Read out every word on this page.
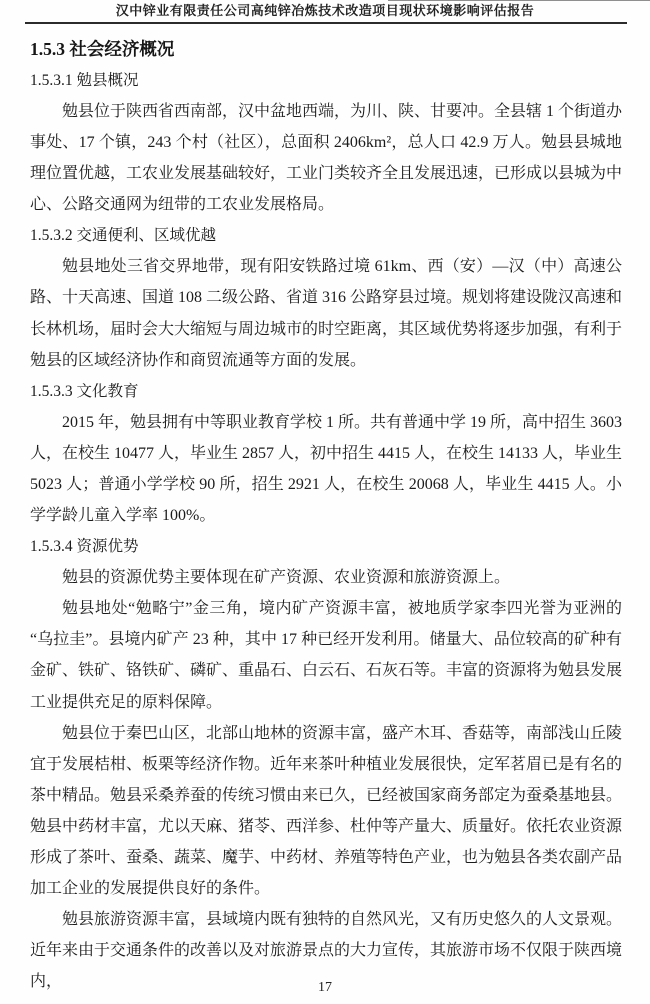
汉中锌业有限责任公司高纯锌冶炼技术改造项目现状环境影响评估报告
1.5.3 社会经济概况
1.5.3.1 勉县概况

勉县位于陕西省西南部，汉中盆地西端，为川、陕、甘要冲。全县辖 1 个街道办事处、17 个镇，243 个村（社区），总面积 2406km²，总人口 42.9 万人。勉县县城地理位置优越，工农业发展基础较好，工业门类较齐全且发展迅速，已形成以县城为中心、公路交通网为纽带的工农业发展格局。

1.5.3.2 交通便利、区域优越

勉县地处三省交界地带，现有阳安铁路过境 61km、西（安）—汉（中）高速公路、十天高速、国道 108 二级公路、省道 316 公路穿县过境。规划将建设陇汉高速和长林机场，届时会大大缩短与周边城市的时空距离，其区域优势将逐步加强，有利于勉县的区域经济协作和商贸流通等方面的发展。

1.5.3.3 文化教育

2015 年，勉县拥有中等职业教育学校 1 所。共有普通中学 19 所，高中招生 3603 人，在校生 10477 人，毕业生 2857 人，初中招生 4415 人，在校生 14133 人，毕业生 5023 人；普通小学学校 90 所，招生 2921 人，在校生 20068 人，毕业生 4415 人。小学学龄儿童入学率 100%。

1.5.3.4 资源优势

勉县的资源优势主要体现在矿产资源、农业资源和旅游资源上。

勉县地处“勉略宁”金三角，境内矿产资源丰富，被地质学家李四光誉为亚洲的“乌拉圭”。县境内矿产 23 种，其中 17 种已经开发利用。储量大、品位较高的矿种有金矿、铁矿、铬铁矿、磷矿、重晶石、白云石、石灰石等。丰富的资源将为勉县发展工业提供充足的原料保障。

勉县位于秦巴山区，北部山地林的资源丰富，盛产木耳、香菇等，南部浅山丘陵宜于发展桔柑、板栗等经济作物。近年来茶叶种植业发展很快，定军茗眉已是有名的茶中精品。勉县采桑养蚕的传统习惯由来已久，已经被国家商务部定为蚕桑基地县。勉县中药材丰富，尤以天麻、猪苓、西洋参、杜仲等产量大、质量好。依托农业资源形成了茶叶、蚕桑、蔬菜、魔芋、中药材、养殖等特色产业，也为勉县各类农副产品加工企业的发展提供良好的条件。

勉县旅游资源丰富，县域境内既有独特的自然风光，又有历史悠久的人文景观。近年来由于交通条件的改善以及对旅游景点的大力宣传，其旅游市场不仅限于陕西境内，	17
